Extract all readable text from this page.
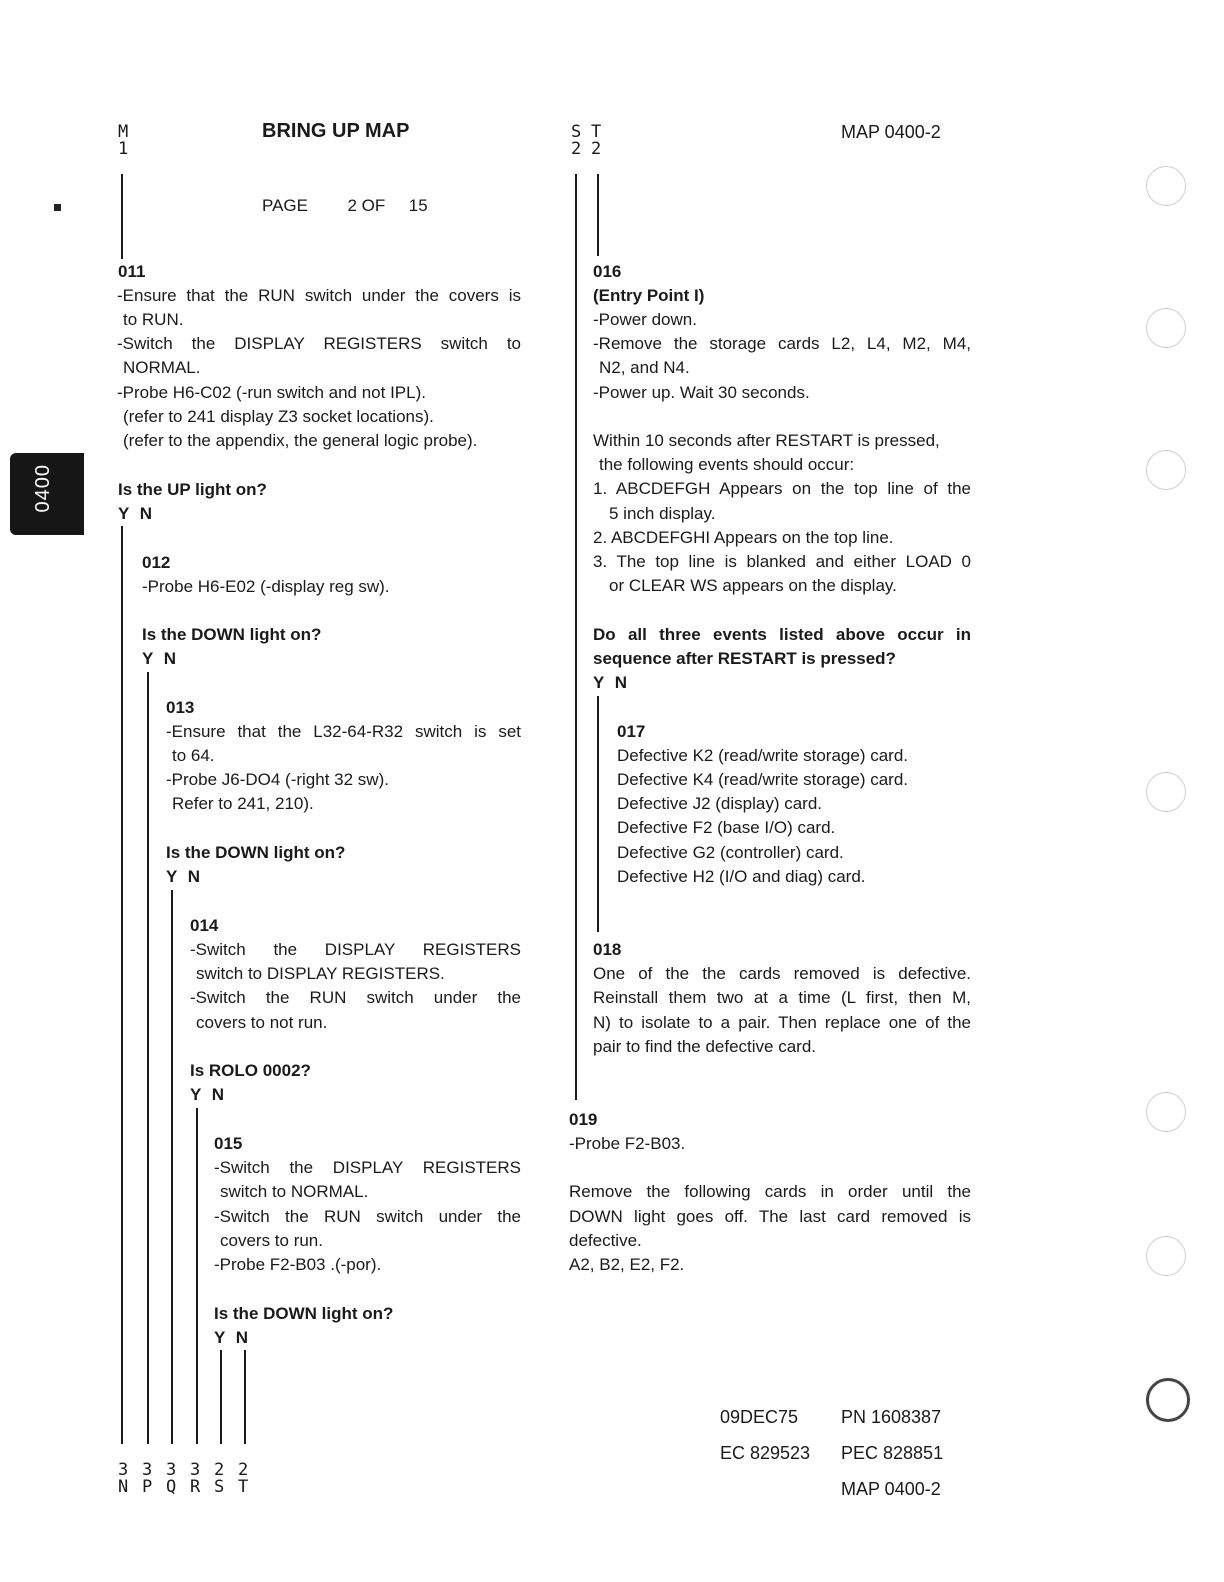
M
1
BRING UP MAP
PAGE 2 OF 15
S
2
T
2
MAP 0400-2
0400
011
-Ensure that the RUN switch under the covers is
to RUN.
-Switch the DISPLAY REGISTERS switch to
NORMAL.
-Probe H6-C02 (-run switch and not IPL).
(refer to 241 display Z3 socket locations).
(refer to the appendix, the general logic probe).
Is the UP light on?
Y N
012
-Probe H6-E02 (-display reg sw).
Is the DOWN light on?
Y N
013
-Ensure that the L32-64-R32 switch is set
to 64.
-Probe J6-DO4 (-right 32 sw).
Refer to 241, 210).
Is the DOWN light on?
Y N
014
-Switch the DISPLAY REGISTERS
switch to DISPLAY REGISTERS.
-Switch the RUN switch under the
covers to not run.
Is ROLO 0002?
Y N
015
-Switch the DISPLAY REGISTERS
switch to NORMAL.
-Switch the RUN switch under the
covers to run.
-Probe F2-B03 .(-por).
Is the DOWN light on?
Y N
3
N
3
P
3
Q
3
R
2
S
2
T
016
(Entry Point I)
-Power down.
-Remove the storage cards L2, L4, M2, M4,
N2, and N4.
-Power up. Wait 30 seconds.
Within 10 seconds after RESTART is pressed,
the following events should occur:
1. ABCDEFGH Appears on the top line of the
5 inch display.
2. ABCDEFGHI Appears on the top line.
3. The top line is blanked and either LOAD 0
or CLEAR WS appears on the display.
Do all three events listed above occur in
sequence after RESTART is pressed?
Y N
017
Defective K2 (read/write storage) card.
Defective K4 (read/write storage) card.
Defective J2 (display) card.
Defective F2 (base I/O) card.
Defective G2 (controller) card.
Defective H2 (I/O and diag) card.
018
One of the the cards removed is defective.
Reinstall them two at a time (L first, then M,
N) to isolate to a pair. Then replace one of the
pair to find the defective card.
019
-Probe F2-B03.
Remove the following cards in order until the
DOWN light goes off. The last card removed is
defective.
A2, B2, E2, F2.
09DEC75 PN 1608387
EC 829523 PEC 828851
MAP 0400-2
